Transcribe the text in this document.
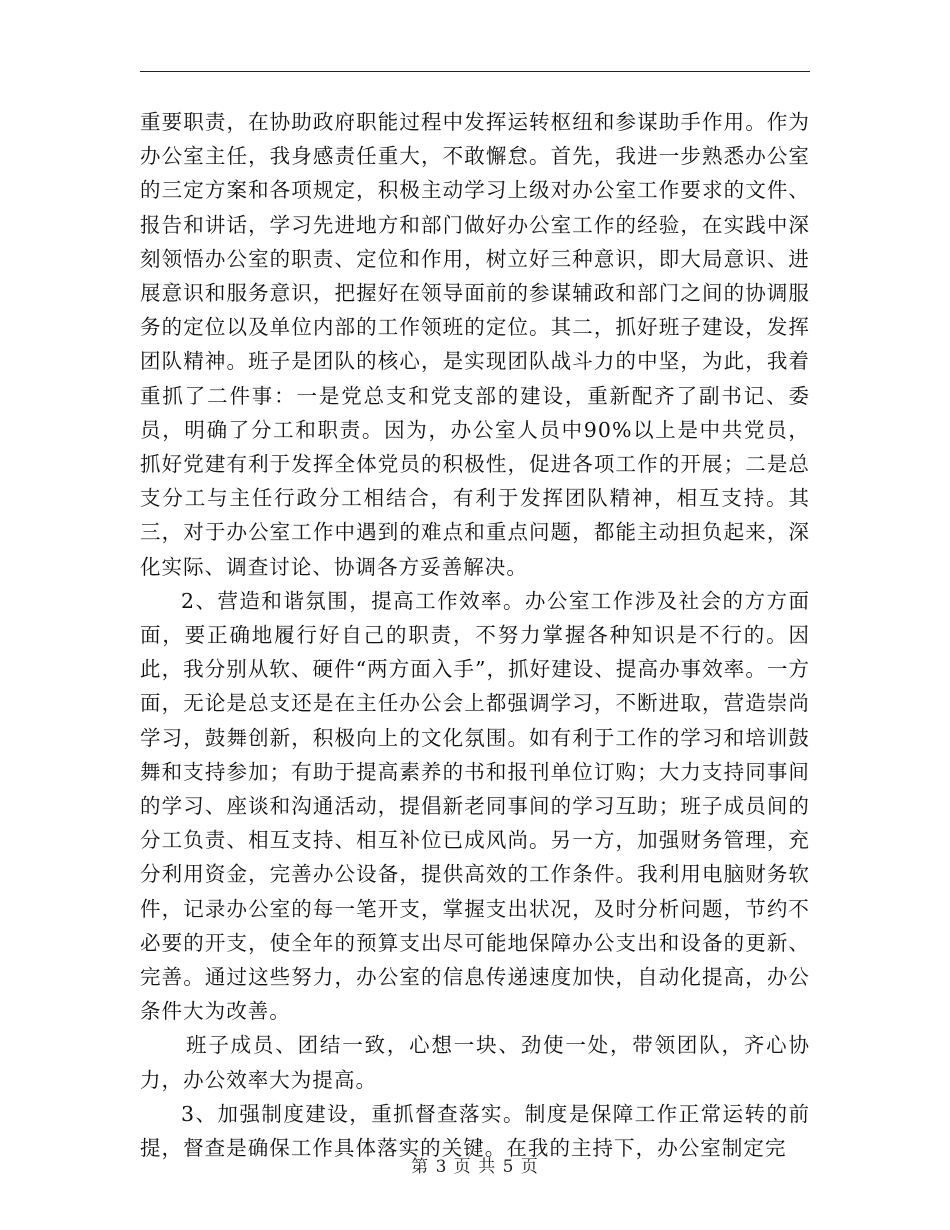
重要职责，在协助政府职能过程中发挥运转枢纽和参谋助手作用。作为办公室主任，我身感责任重大，不敢懈怠。首先，我进一步熟悉办公室的三定方案和各项规定，积极主动学习上级对办公室工作要求的文件、报告和讲话，学习先进地方和部门做好办公室工作的经验，在实践中深刻领悟办公室的职责、定位和作用，树立好三种意识，即大局意识、进展意识和服务意识，把握好在领导面前的参谋辅政和部门之间的协调服务的定位以及单位内部的工作领班的定位。其二，抓好班子建设，发挥团队精神。班子是团队的核心，是实现团队战斗力的中坚，为此，我着重抓了二件事：一是党总支和党支部的建设，重新配齐了副书记、委员，明确了分工和职责。因为，办公室人员中90%以上是中共党员，抓好党建有利于发挥全体党员的积极性，促进各项工作的开展；二是总支分工与主任行政分工相结合，有利于发挥团队精神，相互支持。其三，对于办公室工作中遇到的难点和重点问题，都能主动担负起来，深化实际、调查讨论、协调各方妥善解决。

2、营造和谐氛围，提高工作效率。办公室工作涉及社会的方方面面，要正确地履行好自己的职责，不努力掌握各种知识是不行的。因此，我分别从软、硬件“两方面入手”，抓好建设、提高办事效率。一方面，无论是总支还是在主任办公会上都强调学习，不断进取，营造崇尚学习，鼓舞创新，积极向上的文化氛围。如有利于工作的学习和培训鼓舞和支持参加；有助于提高素养的书和报刊单位订购；大力支持同事间的学习、座谈和沟通活动，提倡新老同事间的学习互助；班子成员间的分工负责、相互支持、相互补位已成风尚。另一方，加强财务管理，充分利用资金，完善办公设备，提供高效的工作条件。我利用电脑财务软件，记录办公室的每一笔开支，掌握支出状况，及时分析问题，节约不必要的开支，使全年的预算支出尽可能地保障办公支出和设备的更新、完善。通过这些努力，办公室的信息传递速度加快，自动化提高，办公条件大为改善。

班子成员、团结一致，心想一块、劲使一处，带领团队，齐心协力，办公效率大为提高。

3、加强制度建设，重抓督查落实。制度是保障工作正常运转的前提，督查是确保工作具体落实的关键。在我的主持下，办公室制定完

第 3 页 共 5 页
